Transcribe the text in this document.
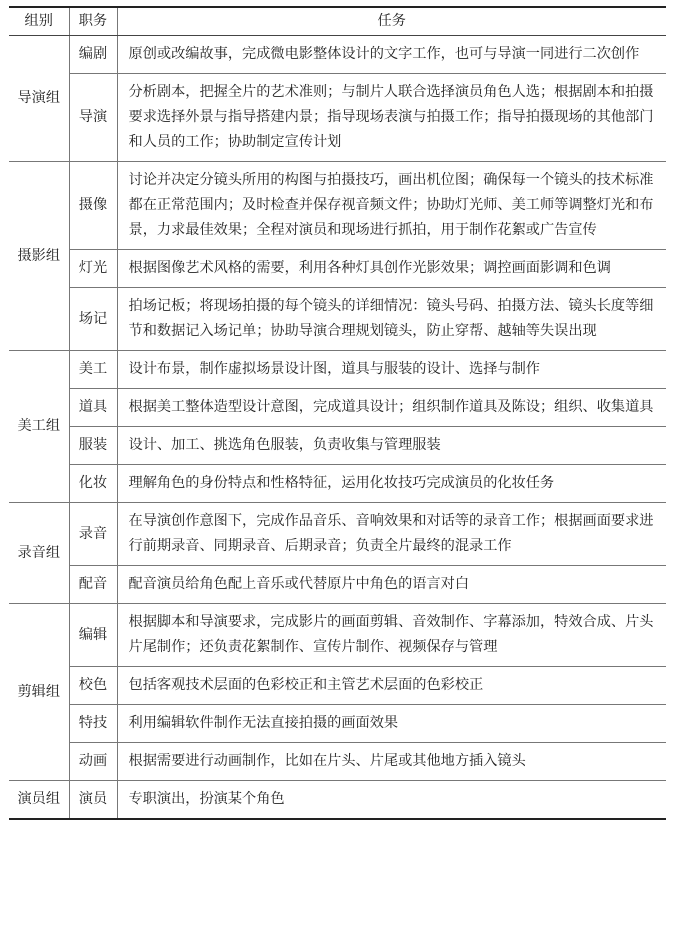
组别	职务	任务
导演组	编剧	原创或改编故事，完成微电影整体设计的文字工作，也可与导演一同进行二次创作
	导演	分析剧本，把握全片的艺术准则；与制片人联合选择演员角色人选；根据剧本和拍摄要求选择外景与指导搭建内景；指导现场表演与拍摄工作；指导拍摄现场的其他部门和人员的工作；协助制定宣传计划
摄影组	摄像	讨论并决定分镜头所用的构图与拍摄技巧，画出机位图；确保每一个镜头的技术标准都在正常范围内；及时检查并保存视音频文件；协助灯光师、美工师等调整灯光和布景，力求最佳效果；全程对演员和现场进行抓拍，用于制作花絮或广告宣传
	灯光	根据图像艺术风格的需要，利用各种灯具创作光影效果；调控画面影调和色调
	场记	拍场记板；将现场拍摄的每个镜头的详细情况：镜头号码、拍摄方法、镜头长度等细节和数据记入场记单；协助导演合理规划镜头，防止穿帮、越轴等失误出现
美工组	美工	设计布景，制作虚拟场景设计图，道具与服装的设计、选择与制作
	道具	根据美工整体造型设计意图，完成道具设计；组织制作道具及陈设；组织、收集道具
	服装	设计、加工、挑选角色服装，负责收集与管理服装
	化妆	理解角色的身份特点和性格特征，运用化妆技巧完成演员的化妆任务
录音组	录音	在导演创作意图下，完成作品音乐、音响效果和对话等的录音工作；根据画面要求进行前期录音、同期录音、后期录音；负责全片最终的混录工作
	配音	配音演员给角色配上音乐或代替原片中角色的语言对白
剪辑组	编辑	根据脚本和导演要求，完成影片的画面剪辑、音效制作、字幕添加，特效合成、片头片尾制作；还负责花絮制作、宣传片制作、视频保存与管理
	校色	包括客观技术层面的色彩校正和主管艺术层面的色彩校正
	特技	利用编辑软件制作无法直接拍摄的画面效果
	动画	根据需要进行动画制作，比如在片头、片尾或其他地方插入镜头
演员组	演员	专职演出，扮演某个角色
